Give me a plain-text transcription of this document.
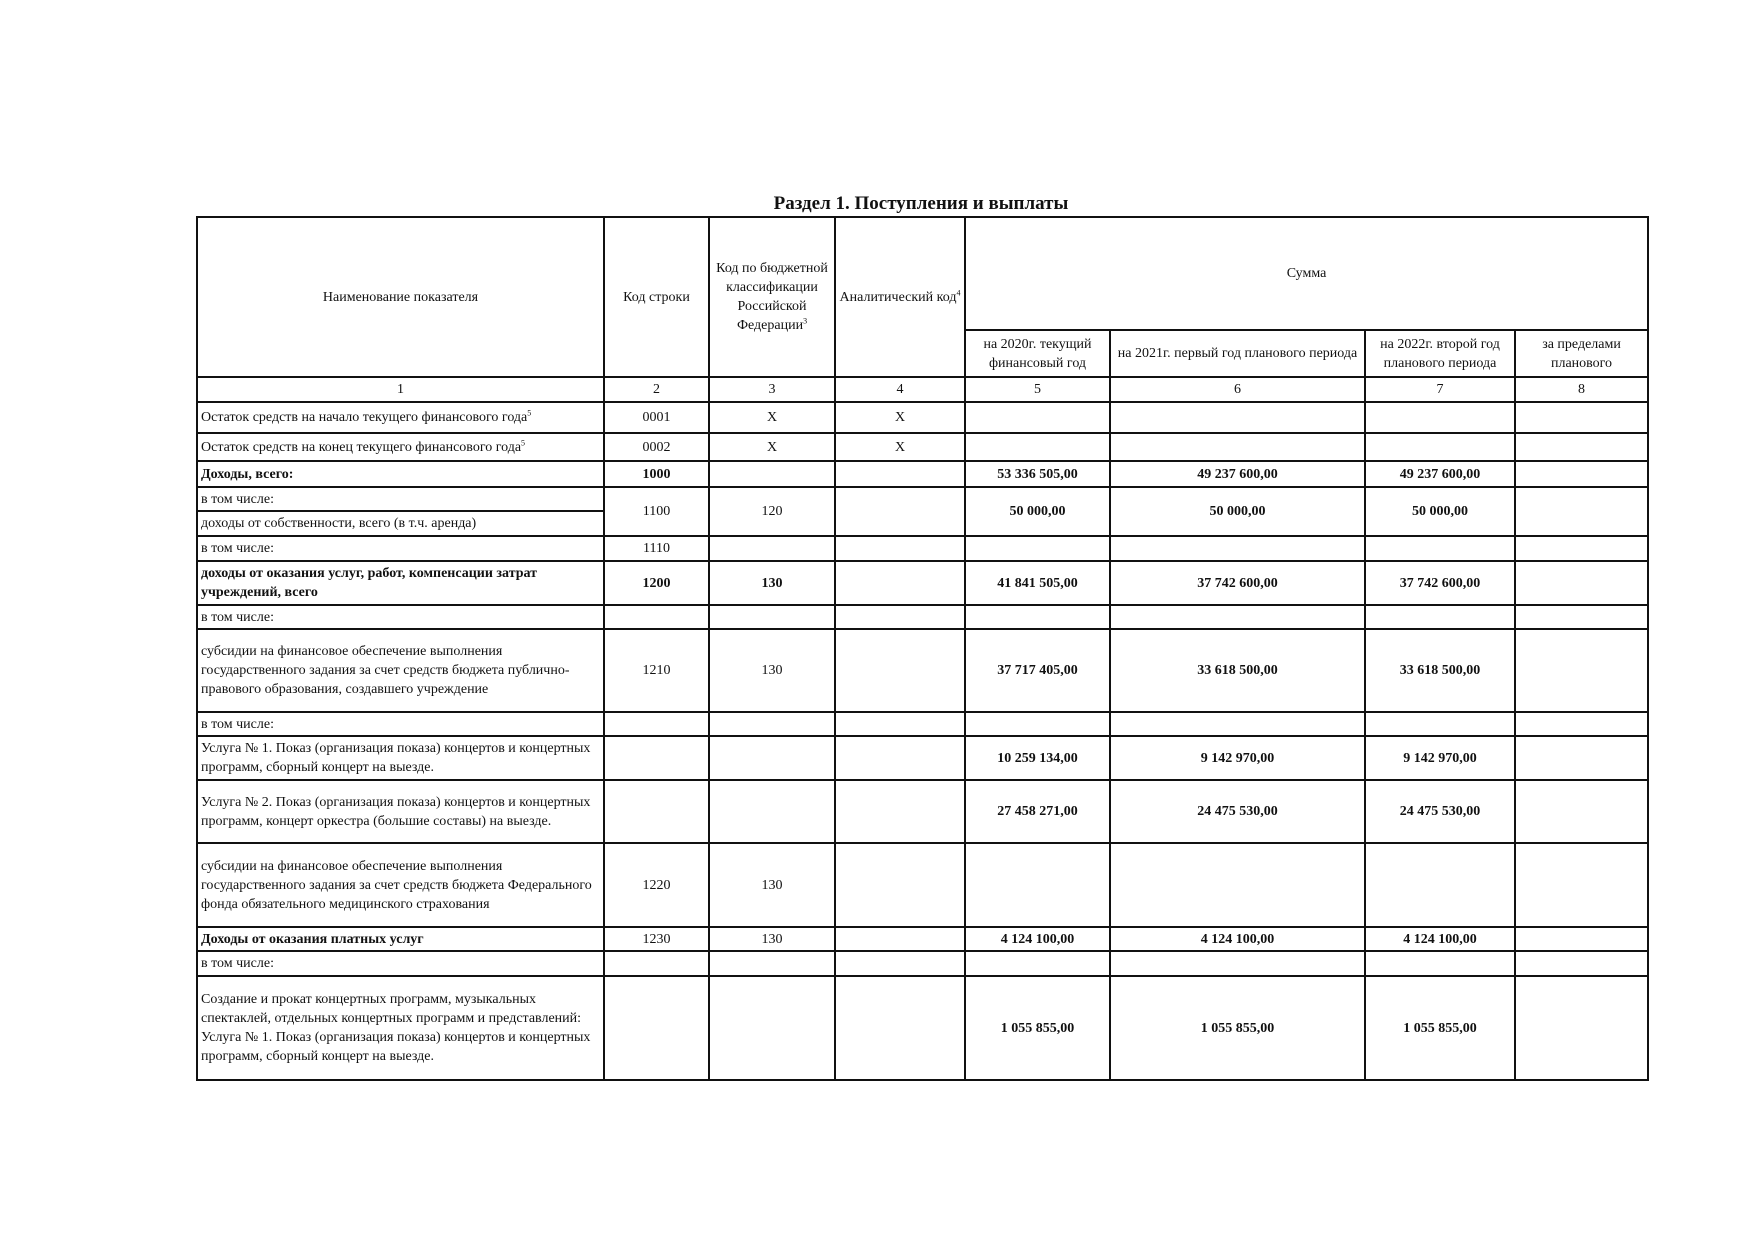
Раздел 1. Поступления и выплаты
Наименование показателя	Код строки	Код по бюджетной классификации Российской Федерации$^3$	Аналитический код$^4$	Сумма			
				на 2020г. текущий финансовый год	на 2021г. первый год планового периода	на 2022г. второй год планового периода	за пределами планового
1	2	3	4	5	6	7	8
Остаток средств на начало текущего финансового года$^5$	0001	X	X				
Остаток средств на конец текущего финансового года$^5$	0002	X	X				
Доходы, всего:	1000			53 336 505,00	49 237 600,00	49 237 600,00	
в том числе:	1100	120		50 000,00	50 000,00	50 000,00	
доходы от собственности, всего (в т.ч. аренда)							
в том числе:	1110						
доходы от оказания услуг, работ, компенсации затрат учреждений, всего	1200	130		41 841 505,00	37 742 600,00	37 742 600,00	
в том числе:							
субсидии на финансовое обеспечение выполнения государственного задания за счет средств бюджета публично-правового образования, создавшего учреждение	1210	130		37 717 405,00	33 618 500,00	33 618 500,00	
в том числе:							
Услуга № 1. Показ (организация показа) концертов и концертных программ, сборный концерт на выезде.				10 259 134,00	9 142 970,00	9 142 970,00	
Услуга № 2. Показ (организация показа) концертов и концертных программ, концерт оркестра (большие составы) на выезде.				27 458 271,00	24 475 530,00	24 475 530,00	
субсидии на финансовое обеспечение выполнения государственного задания за счет средств бюджета Федерального фонда обязательного медицинского страхования	1220	130					
Доходы от оказания платных услуг	1230	130		4 124 100,00	4 124 100,00	4 124 100,00	
в том числе:							
Создание и прокат концертных программ, музыкальных спектаклей, отдельных концертных программ и представлений: Услуга № 1. Показ (организация показа) концертов и концертных программ, сборный концерт на выезде.				1 055 855,00	1 055 855,00	1 055 855,00	
